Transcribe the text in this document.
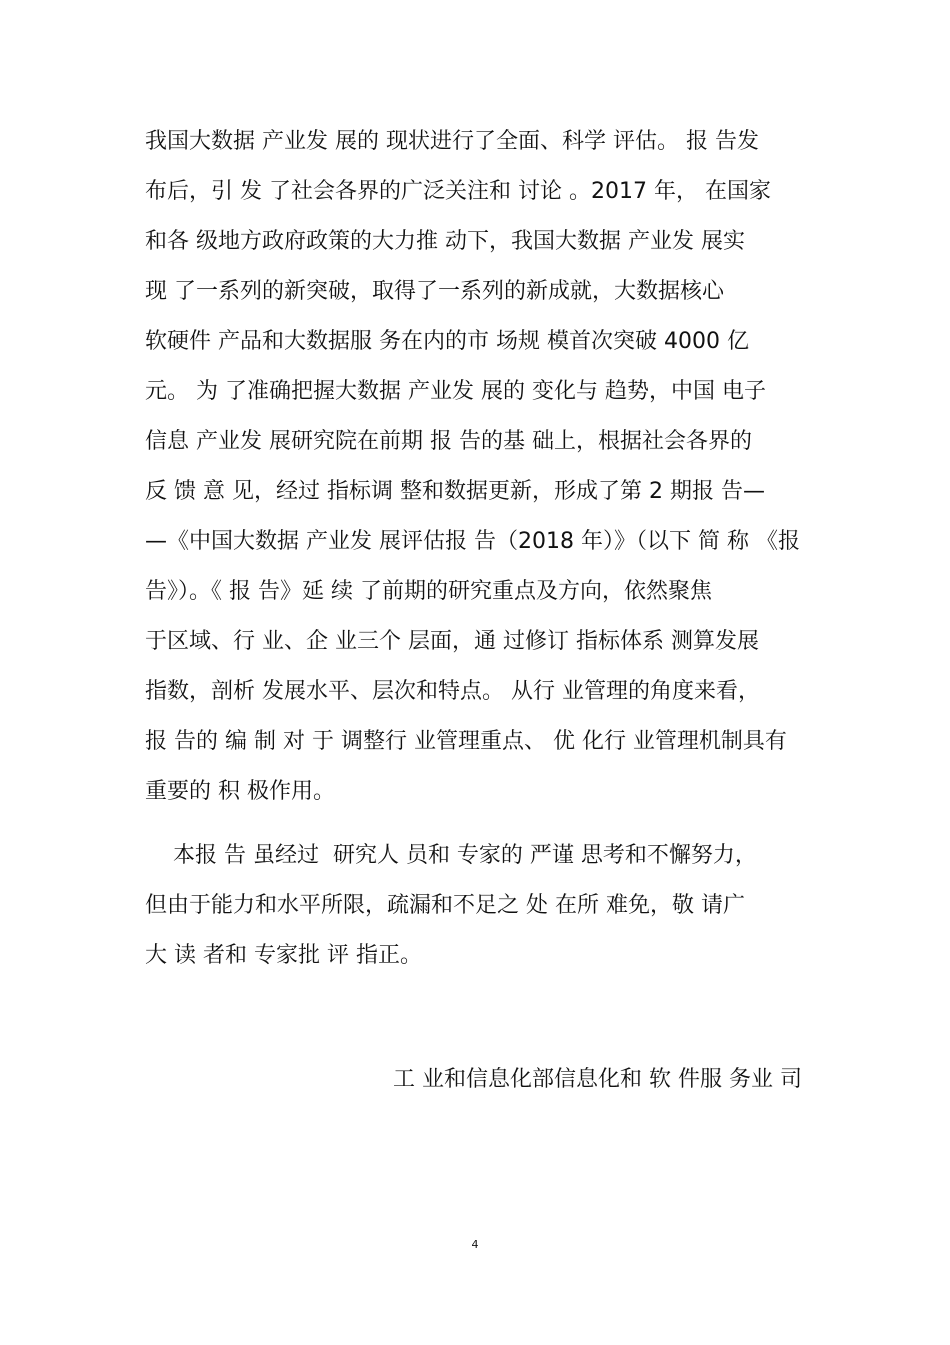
我国大数据 产业发 展的 现状进行了全面、科学 评估。 报 告发
布后，引 发 了社会各界的广泛关注和 讨论 。2017 年， 在国家
和各 级地方政府政策的大力推 动下，我国大数据 产业发 展实
现 了一系列的新突破，取得了一系列的新成就，大数据核心
软硬件 产品和大数据服 务在内的市 场规 模首次突破 4000 亿
元。 为 了准确把握大数据 产业发 展的 变化与 趋势，中国 电子
信息 产业发 展研究院在前期 报 告的基 础上，根据社会各界的
反 馈 意 见，经过 指标调 整和数据更新，形成了第 2 期报 告—
—《中国大数据 产业发 展评估报 告（2018 年）》（以下 简 称 《报
告》）。《 报 告》延 续 了前期的研究重点及方向，依然聚焦
于区域、行 业、企 业三个 层面，通 过修订 指标体系 测算发展
指数，剖析 发展水平、层次和特点。 从行 业管理的角度来看，
报 告的 编 制 对 于 调整行 业管理重点、 优 化行 业管理机制具有
重要的 积 极作用。
本报 告 虽经过  研究人 员和 专家的 严谨 思考和不懈努力，
但由于能力和水平所限，疏漏和不足之 处 在所 难免，敬 请广
大 读 者和 专家批 评 指正。
工 业和信息化部信息化和 软 件服 务业 司
4
